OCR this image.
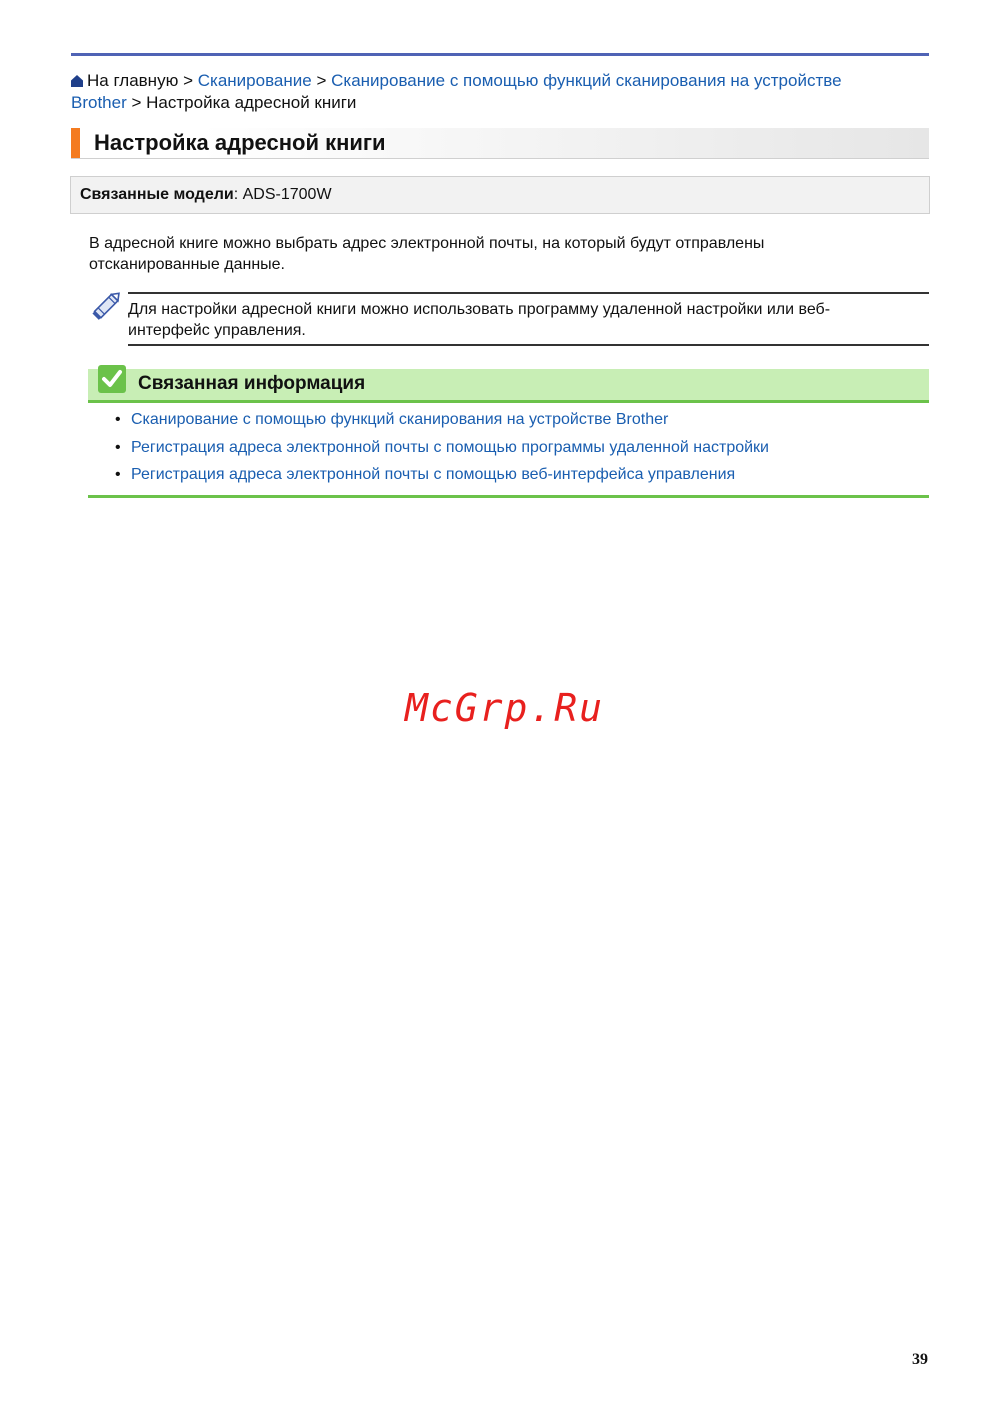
На главную > Сканирование > Сканирование с помощью функций сканирования на устройстве
Brother > Настройка адресной книги
Настройка адресной книги
Связанные модели: ADS-1700W
В адресной книге можно выбрать адрес электронной почты, на который будут отправлены отсканированные данные.
Для настройки адресной книги можно использовать программу удаленной настройки или веб-интерфейс управления.
Связанная информация
• Сканирование с помощью функций сканирования на устройстве Brother
• Регистрация адреса электронной почты с помощью программы удаленной настройки
• Регистрация адреса электронной почты с помощью веб-интерфейса управления
McGrp.Ru
39
